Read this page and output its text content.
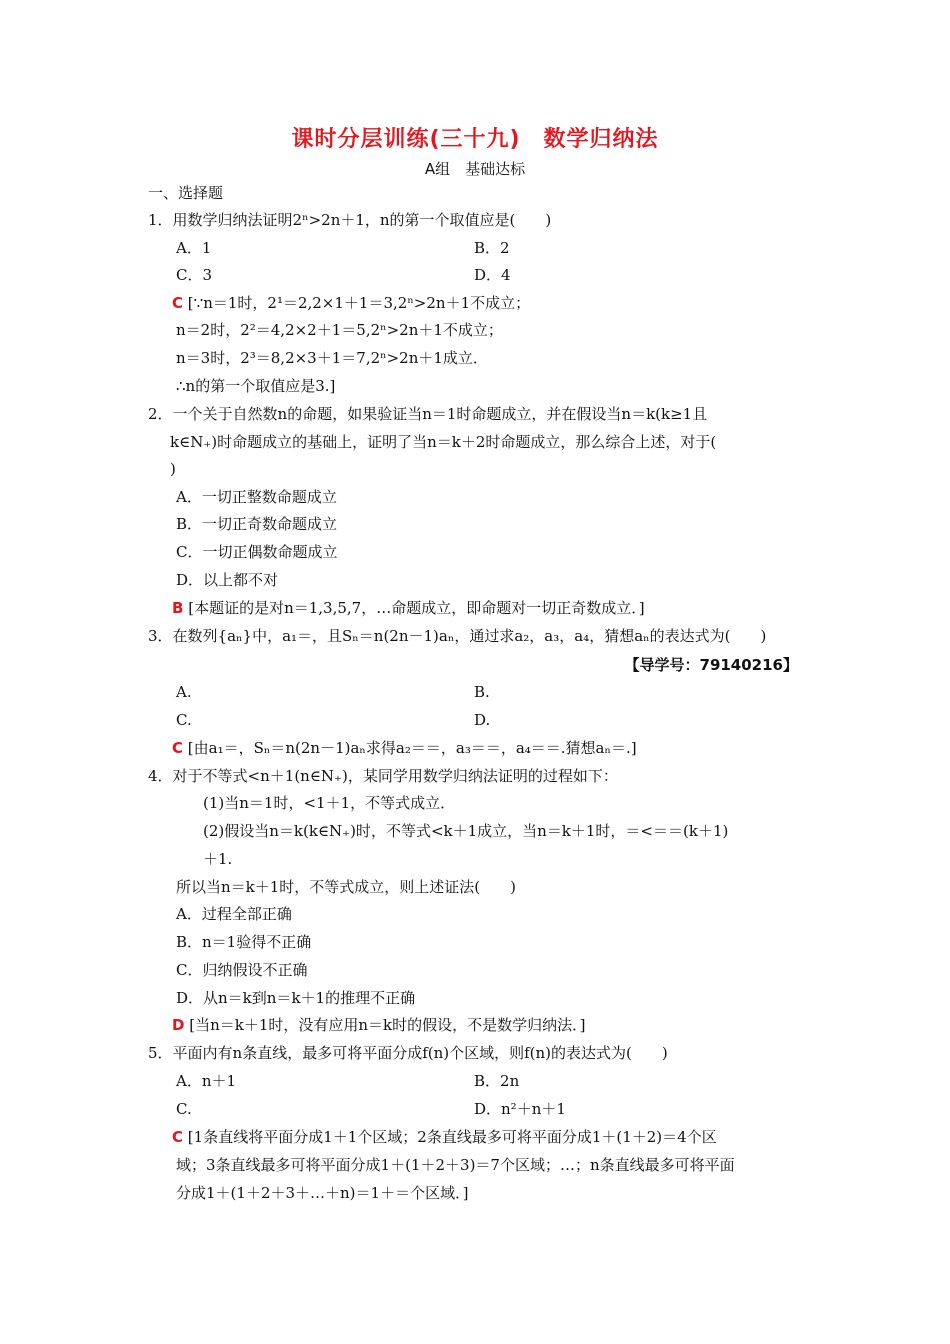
课时分层训练(三十九)　数学归纳法
A组　基础达标
一、选择题
1．用数学归纳法证明2ⁿ>2n＋1，n的第一个取值应是(　　)
A．1	B．2
C．3	D．4
C [∵n＝1时，2¹＝2,2×1＋1＝3,2ⁿ>2n＋1不成立；
n＝2时，2²＝4,2×2＋1＝5,2ⁿ>2n＋1不成立；
n＝3时，2³＝8,2×3＋1＝7,2ⁿ>2n＋1成立．
∴n的第一个取值应是3.]
2．一个关于自然数n的命题，如果验证当n＝1时命题成立，并在假设当n＝k(k≥1且
k∈N₊)时命题成立的基础上，证明了当n＝k＋2时命题成立，那么综合上述，对于(
)
A．一切正整数命题成立
B．一切正奇数命题成立
C．一切正偶数命题成立
D．以上都不对
B [本题证的是对n＝1,3,5,7，…命题成立，即命题对一切正奇数成立．]
3．在数列{aₙ}中，a₁＝，且Sₙ＝n(2n－1)aₙ，通过求a₂，a₃，a₄，猜想aₙ的表达式为(　　)
【导学号：79140216】
A.	B.
C.	D.
C [由a₁＝，Sₙ＝n(2n－1)aₙ求得a₂＝＝，a₃＝＝，a₄＝＝.猜想aₙ＝.]
4．对于不等式<n＋1(n∈N₊)，某同学用数学归纳法证明的过程如下：
(1)当n＝1时，<1＋1，不等式成立．
(2)假设当n＝k(k∈N₊)时，不等式<k＋1成立，当n＝k＋1时，＝<＝＝(k＋1)
＋1.
所以当n＝k＋1时，不等式成立，则上述证法(　　)
A．过程全部正确
B．n＝1验得不正确
C．归纳假设不正确
D．从n＝k到n＝k＋1的推理不正确
D [当n＝k＋1时，没有应用n＝k时的假设，不是数学归纳法．]
5．平面内有n条直线，最多可将平面分成f(n)个区域，则f(n)的表达式为(　　)
A．n＋1	B．2n
C.	D．n²＋n＋1
C [1条直线将平面分成1＋1个区域；2条直线最多可将平面分成1＋(1＋2)＝4个区
域；3条直线最多可将平面分成1＋(1＋2＋3)＝7个区域；…；n条直线最多可将平面
分成1＋(1＋2＋3＋…＋n)＝1＋＝个区域．]
